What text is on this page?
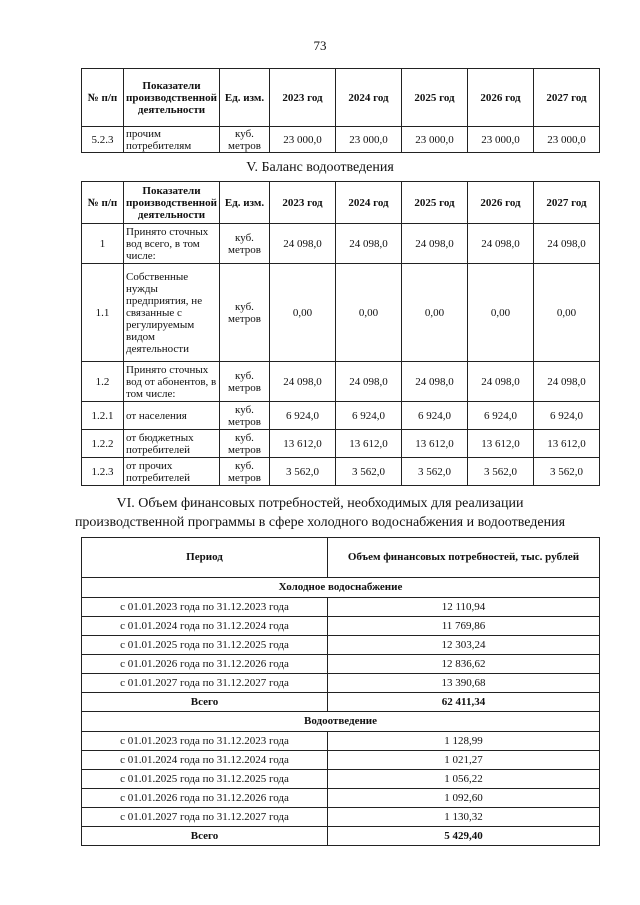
73
№ п/п	Показатели производственной деятельности	Ед. изм.	2023 год	2024 год	2025 год	2026 год	2027 год
5.2.3	прочим потребителям	куб. метров	23 000,0	23 000,0	23 000,0	23 000,0	23 000,0
V. Баланс водоотведения
№ п/п	Показатели производственной деятельности	Ед. изм.	2023 год	2024 год	2025 год	2026 год	2027 год
1	Принято сточных вод всего, в том числе:	куб. метров	24 098,0	24 098,0	24 098,0	24 098,0	24 098,0
1.1	Собственные нужды предприятия, не связанные с регулируемым видом деятельности	куб. метров	0,00	0,00	0,00	0,00	0,00
1.2	Принято сточных вод от абонентов, в том числе:	куб. метров	24 098,0	24 098,0	24 098,0	24 098,0	24 098,0
1.2.1	от населения	куб. метров	6 924,0	6 924,0	6 924,0	6 924,0	6 924,0
1.2.2	от бюджетных потребителей	куб. метров	13 612,0	13 612,0	13 612,0	13 612,0	13 612,0
1.2.3	от прочих потребителей	куб. метров	3 562,0	3 562,0	3 562,0	3 562,0	3 562,0
VI. Объем финансовых потребностей, необходимых для реализации
производственной программы в сфере холодного водоснабжения и водоотведения
Период	Объем финансовых потребностей, тыс. рублей
Холодное водоснабжение	
с 01.01.2023 года по 31.12.2023 года	12 110,94
с 01.01.2024 года по 31.12.2024 года	11 769,86
с 01.01.2025 года по 31.12.2025 года	12 303,24
с 01.01.2026 года по 31.12.2026 года	12 836,62
с 01.01.2027 года по 31.12.2027 года	13 390,68
Всего	62 411,34
Водоотведение	
с 01.01.2023 года по 31.12.2023 года	1 128,99
с 01.01.2024 года по 31.12.2024 года	1 021,27
с 01.01.2025 года по 31.12.2025 года	1 056,22
с 01.01.2026 года по 31.12.2026 года	1 092,60
с 01.01.2027 года по 31.12.2027 года	1 130,32
Всего	5 429,40
